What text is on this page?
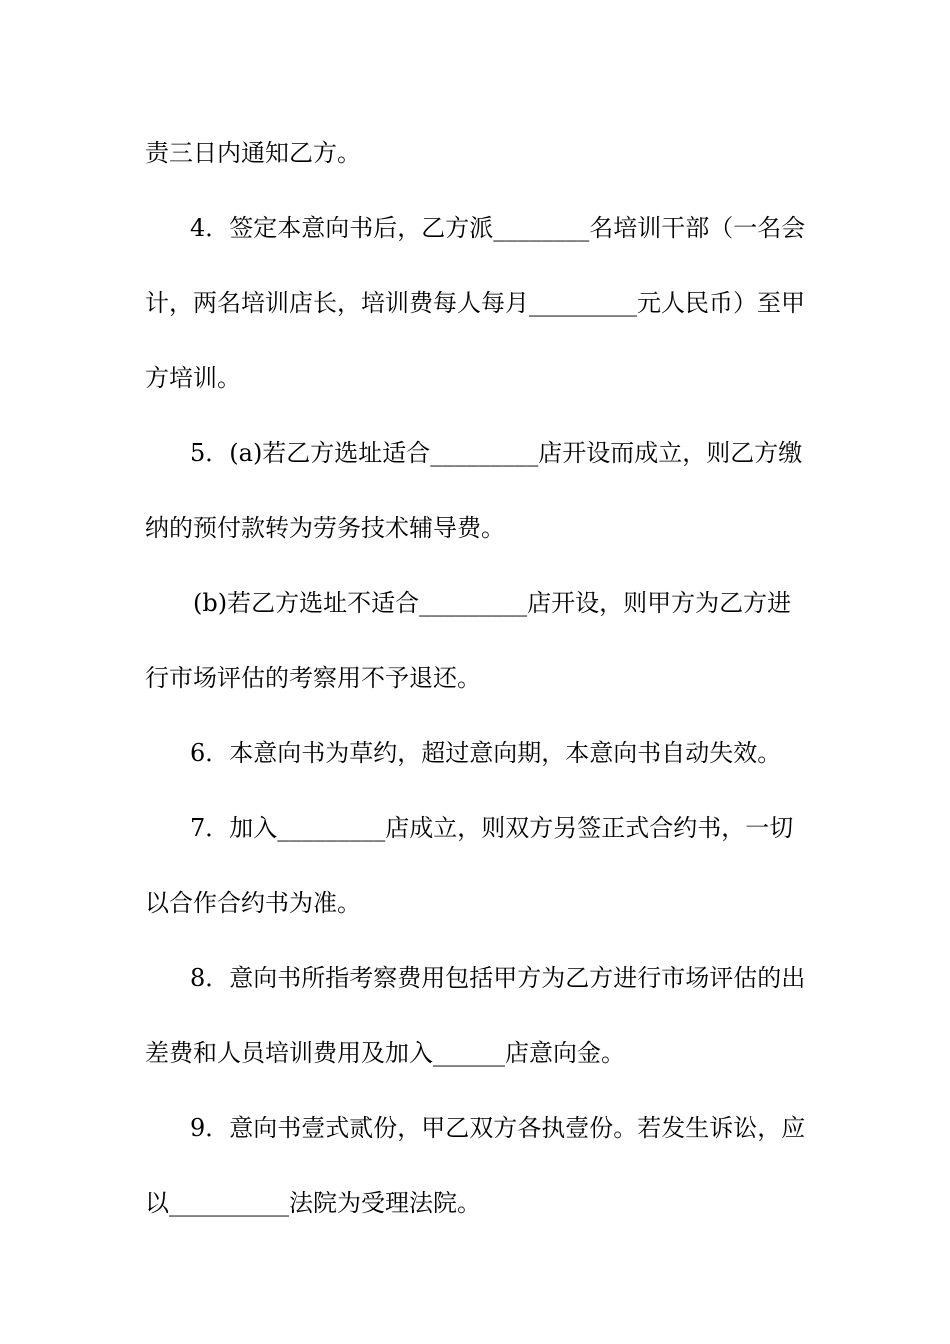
责三日内通知乙方。
4．签定本意向书后，乙方派________名培训干部（一名会
计，两名培训店长，培训费每人每月_________元人民币）至甲
方培训。
5．(a)若乙方选址适合_________店开设而成立，则乙方缴
纳的预付款转为劳务技术辅导费。
(b)若乙方选址不适合_________店开设，则甲方为乙方进
行市场评估的考察用不予退还。
6．本意向书为草约，超过意向期，本意向书自动失效。
7．加入_________店成立，则双方另签正式合约书，一切
以合作合约书为准。
8．意向书所指考察费用包括甲方为乙方进行市场评估的出
差费和人员培训费用及加入______店意向金。
9．意向书壹式贰份，甲乙双方各执壹份。若发生诉讼，应
以__________法院为受理法院。
